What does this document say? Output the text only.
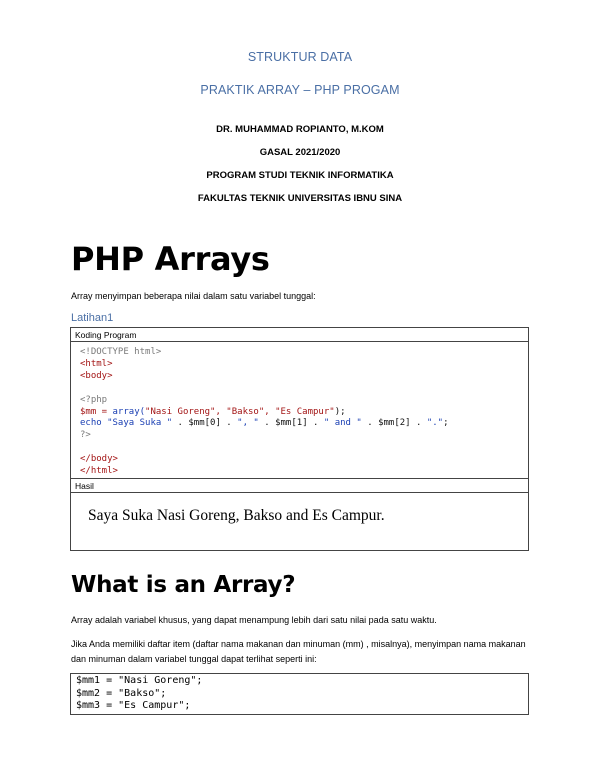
STRUKTUR DATA
PRAKTIK ARRAY – PHP PROGAM
DR. MUHAMMAD ROPIANTO, M.KOM
GASAL 2021/2020
PROGRAM STUDI TEKNIK INFORMATIKA
FAKULTAS TEKNIK UNIVERSITAS IBNU SINA
PHP Arrays
Array menyimpan beberapa nilai dalam satu variabel tunggal:
Latihan1
Koding Program
<!DOCTYPE html>
<html>
<body>

<?php
$mm = array("Nasi Goreng", "Bakso", "Es Campur");
echo "Saya Suka " . $mm[0] . ", " . $mm[1] . " and " . $mm[2] . ".";
?>

</body>
</html>
Hasil
Saya Suka Nasi Goreng, Bakso and Es Campur.
What is an Array?
Array adalah variabel khusus, yang dapat menampung lebih dari satu nilai pada satu waktu.
Jika Anda memiliki daftar item (daftar nama makanan dan minuman (mm) , misalnya), menyimpan nama makanan dan minuman dalam variabel tunggal dapat terlihat seperti ini:
$mm1 = "Nasi Goreng";
$mm2 = "Bakso";
$mm3 = "Es Campur";
